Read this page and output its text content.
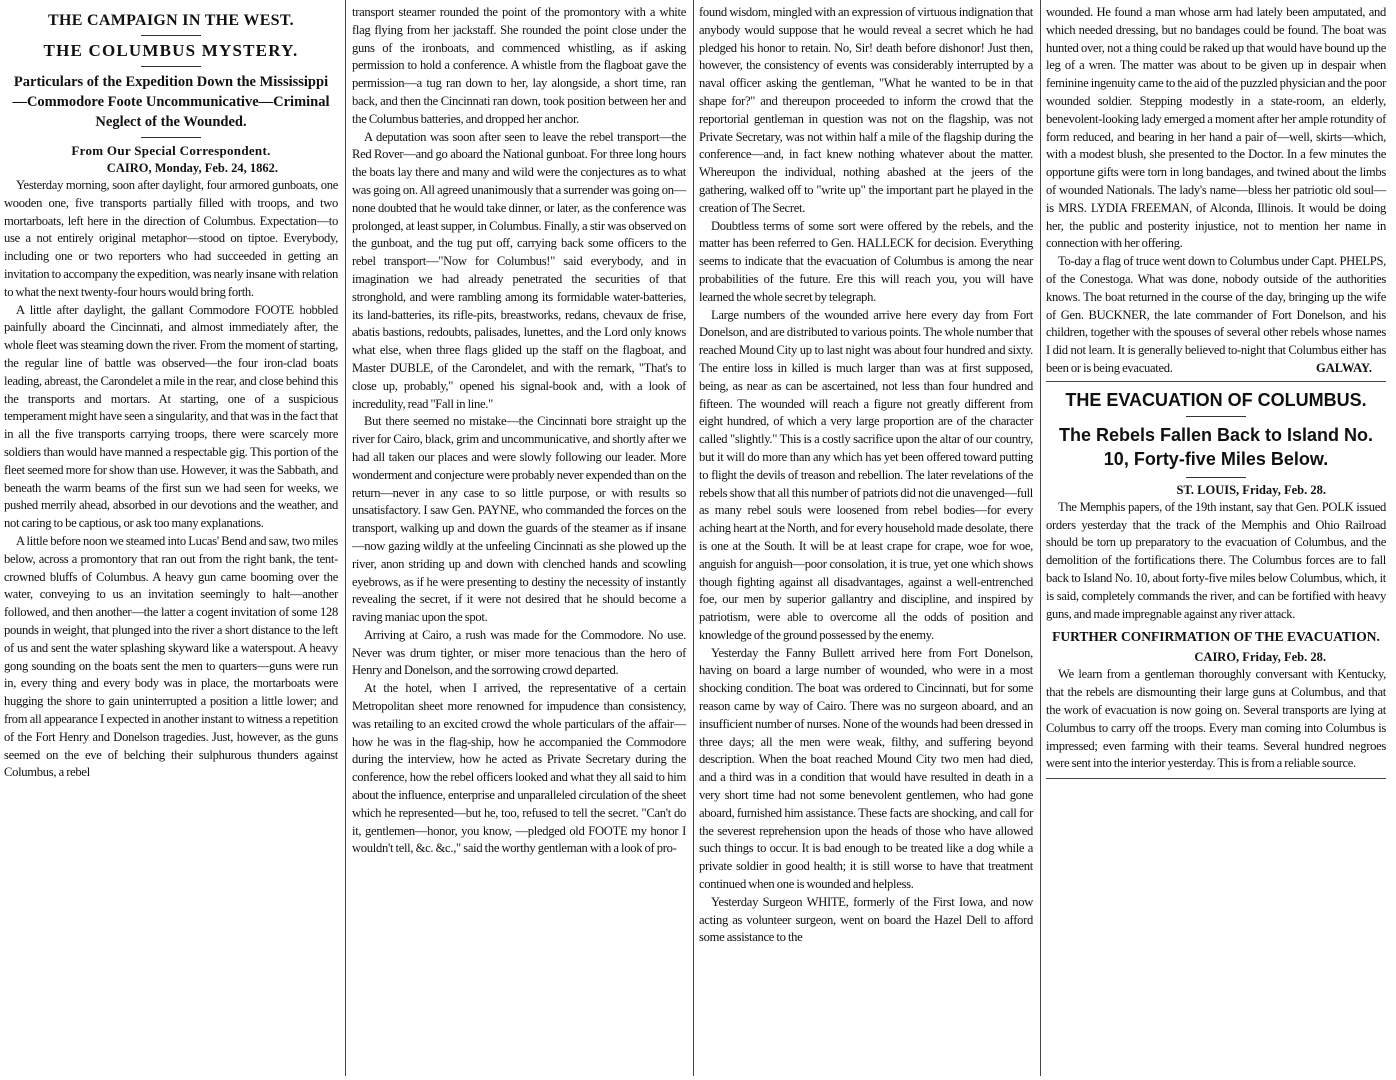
THE CAMPAIGN IN THE WEST.
THE COLUMBUS MYSTERY.
Particulars of the Expedition Down the Mississippi—Commodore Foote Uncommunicative—Criminal Neglect of the Wounded.
From Our Special Correspondent.
CAIRO, Monday, Feb. 24, 1862.

Yesterday morning, soon after daylight, four armored gunboats, one wooden one, five transports partially filled with troops, and two mortarboats, left here in the direction of Columbus. Expectation—to use a not entirely original metaphor—stood on tiptoe. Everybody, including one or two reporters who had succeeded in getting an invitation to accompany the expedition, was nearly insane with relation to what the next twenty-four hours would bring forth.

A little after daylight, the gallant Commodore FOOTE hobbled painfully aboard the Cincinnati, and almost immediately after, the whole fleet was steaming down the river. From the moment of starting, the regular line of battle was observed—the four iron-clad boats leading, abreast, the Carondelet a mile in the rear, and close behind this the transports and mortars. At starting, one of a suspicious temperament might have seen a singularity, and that was in the fact that in all the five transports carrying troops, there were scarcely more soldiers than would have manned a respectable gig. This portion of the fleet seemed more for show than use. However, it was the Sabbath, and beneath the warm beams of the first sun we had seen for weeks, we pushed merrily ahead, absorbed in our devotions and the weather, and not caring to be captious, or ask too many explanations.

A little before noon we steamed into Lucas' Bend and saw, two miles below, across a promontory that ran out from the right bank, the tent-crowned bluffs of Columbus. A heavy gun came booming over the water, conveying to us an invitation seemingly to halt—another followed, and then another—the latter a cogent invitation of some 128 pounds in weight, that plunged into the river a short distance to the left of us and sent the water splashing skyward like a waterspout. A heavy gong sounding on the boats sent the men to quarters—guns were run in, every thing and every body was in place, the mortarboats were hugging the shore to gain uninterrupted a position a little lower; and from all appearance I expected in another instant to witness a repetition of the Fort Henry and Donelson tragedies. Just, however, as the guns seemed on the eve of belching their sulphurous thunders against Columbus, a rebel

transport steamer rounded the point of the promontory with a white flag flying from her jackstaff. She rounded the point close under the guns of the ironboats, and commenced whistling, as if asking permission to hold a conference. A whistle from the flagboat gave the permission—a tug ran down to her, lay alongside, a short time, ran back, and then the Cincinnati ran down, took position between her and the Columbus batteries, and dropped her anchor.

A deputation was soon after seen to leave the rebel transport—the Red Rover—and go aboard the National gunboat. For three long hours the boats lay there and many and wild were the conjectures as to what was going on. All agreed unanimously that a surrender was going on—none doubted that he would take dinner, or later, as the conference was prolonged, at least supper, in Columbus. Finally, a stir was observed on the gunboat, and the tug put off, carrying back some officers to the rebel transport—"Now for Columbus!" said everybody, and in imagination we had already penetrated the securities of that stronghold, and were rambling among its formidable water-batteries, its land-batteries, its rifle-pits, breastworks, redans, chevaux de frise, abatis bastions, redoubts, palisades, lunettes, and the Lord only knows what else, when three flags glided up the staff on the flagboat, and Master DUBLE, of the Carondelet, and with the remark, "That's to close up, probably," opened his signal-book and, with a look of incredulity, read "Fall in line."

But there seemed no mistake—the Cincinnati bore straight up the river for Cairo, black, grim and uncommunicative, and shortly after we had all taken our places and were slowly following our leader. More wonderment and conjecture were probably never expended than on the return—never in any case to so little purpose, or with results so unsatisfactory. I saw Gen. PAYNE, who commanded the forces on the transport, walking up and down the guards of the steamer as if insane—now gazing wildly at the unfeeling Cincinnati as she plowed up the river, anon striding up and down with clenched hands and scowling eyebrows, as if he were presenting to destiny the necessity of instantly revealing the secret, if it were not desired that he should become a raving maniac upon the spot.

Arriving at Cairo, a rush was made for the Commodore. No use. Never was drum tighter, or miser more tenacious than the hero of Henry and Donelson, and the sorrowing crowd departed.

At the hotel, when I arrived, the representative of a certain Metropolitan sheet more renowned for impudence than consistency, was retailing to an excited crowd the whole particulars of the affair—how he was in the flag-ship, how he accompanied the Commodore during the interview, how he acted as Private Secretary during the conference, how the rebel officers looked and what they all said to him about the influence, enterprise and unparalleled circulation of the sheet which he represented—but he, too, refused to tell the secret. "Can't do it, gentlemen—honor, you know, —pledged old FOOTE my honor I wouldn't tell, &c. &c.," said the worthy gentleman with a look of pro-

found wisdom, mingled with an expression of virtuous indignation that anybody would suppose that he would reveal a secret which he had pledged his honor to retain. No, Sir! death before dishonor! Just then, however, the consistency of events was considerably interrupted by a naval officer asking the gentleman, "What he wanted to be in that shape for?" and thereupon proceeded to inform the crowd that the reportorial gentleman in question was not on the flagship, was not Private Secretary, was not within half a mile of the flagship during the conference—and, in fact knew nothing whatever about the matter. Whereupon the individual, nothing abashed at the jeers of the gathering, walked off to "write up" the important part he played in the creation of The Secret.

Doubtless terms of some sort were offered by the rebels, and the matter has been referred to Gen. HALLECK for decision. Everything seems to indicate that the evacuation of Columbus is among the near probabilities of the future. Ere this will reach you, you will have learned the whole secret by telegraph.

Large numbers of the wounded arrive here every day from Fort Donelson, and are distributed to various points. The whole number that reached Mound City up to last night was about four hundred and sixty. The entire loss in killed is much larger than was at first supposed, being, as near as can be ascertained, not less than four hundred and fifteen. The wounded will reach a figure not greatly different from eight hundred, of which a very large proportion are of the character called "slightly." This is a costly sacrifice upon the altar of our country, but it will do more than any which has yet been offered toward putting to flight the devils of treason and rebellion. The later revelations of the rebels show that all this number of patriots did not die unavenged—full as many rebel souls were loosened from rebel bodies—for every aching heart at the North, and for every household made desolate, there is one at the South. It will be at least crape for crape, woe for woe, anguish for anguish—poor consolation, it is true, yet one which shows though fighting against all disadvantages, against a well-entrenched foe, our men by superior gallantry and discipline, and inspired by patriotism, were able to overcome all the odds of position and knowledge of the ground possessed by the enemy.

Yesterday the Fanny Bullett arrived here from Fort Donelson, having on board a large number of wounded, who were in a most shocking condition. The boat was ordered to Cincinnati, but for some reason came by way of Cairo. There was no surgeon aboard, and an insufficient number of nurses. None of the wounds had been dressed in three days; all the men were weak, filthy, and suffering beyond description. When the boat reached Mound City two men had died, and a third was in a condition that would have resulted in death in a very short time had not some benevolent gentlemen, who had gone aboard, furnished him assistance. These facts are shocking, and call for the severest reprehension upon the heads of those who have allowed such things to occur. It is bad enough to be treated like a dog while a private soldier in good health; it is still worse to have that treatment continued when one is wounded and helpless.

Yesterday Surgeon WHITE, formerly of the First Iowa, and now acting as volunteer surgeon, went on board the Hazel Dell to afford some assistance to the

wounded. He found a man whose arm had lately been amputated, and which needed dressing, but no bandages could be found. The boat was hunted over, not a thing could be raked up that would have bound up the leg of a wren. The matter was about to be given up in despair when feminine ingenuity came to the aid of the puzzled physician and the poor wounded soldier. Stepping modestly in a state-room, an elderly, benevolent-looking lady emerged a moment after her ample rotundity of form reduced, and bearing in her hand a pair of—well, skirts—which, with a modest blush, she presented to the Doctor. In a few minutes the opportune gifts were torn in long bandages, and twined about the limbs of wounded Nationals. The lady's name—bless her patriotic old soul—is MRS. LYDIA FREEMAN, of Alconda, Illinois. It would be doing her, the public and posterity injustice, not to mention her name in connection with her offering.

To-day a flag of truce went down to Columbus under Capt. PHELPS, of the Conestoga. What was done, nobody outside of the authorities knows. The boat returned in the course of the day, bringing up the wife of Gen. BUCKNER, the late commander of Fort Donelson, and his children, together with the spouses of several other rebels whose names I did not learn. It is generally believed to-night that Columbus either has been or is being evacuated.	GALWAY.
THE EVACUATION OF COLUMBUS.
The Rebels Fallen Back to Island No. 10, Forty-five Miles Below.
ST. LOUIS, Friday, Feb. 28.

The Memphis papers, of the 19th instant, say that Gen. POLK issued orders yesterday that the track of the Memphis and Ohio Railroad should be torn up preparatory to the evacuation of Columbus, and the demolition of the fortifications there. The Columbus forces are to fall back to Island No. 10, about forty-five miles below Columbus, which, it is said, completely commands the river, and can be fortified with heavy guns, and made impregnable against any river attack.

FURTHER CONFIRMATION OF THE EVACUATION.
CAIRO, Friday, Feb. 28.

We learn from a gentleman thoroughly conversant with Kentucky, that the rebels are dismounting their large guns at Columbus, and that the work of evacuation is now going on. Several transports are lying at Columbus to carry off the troops. Every man coming into Columbus is impressed; even farming with their teams. Several hundred negroes were sent into the interior yesterday. This is from a reliable source.
